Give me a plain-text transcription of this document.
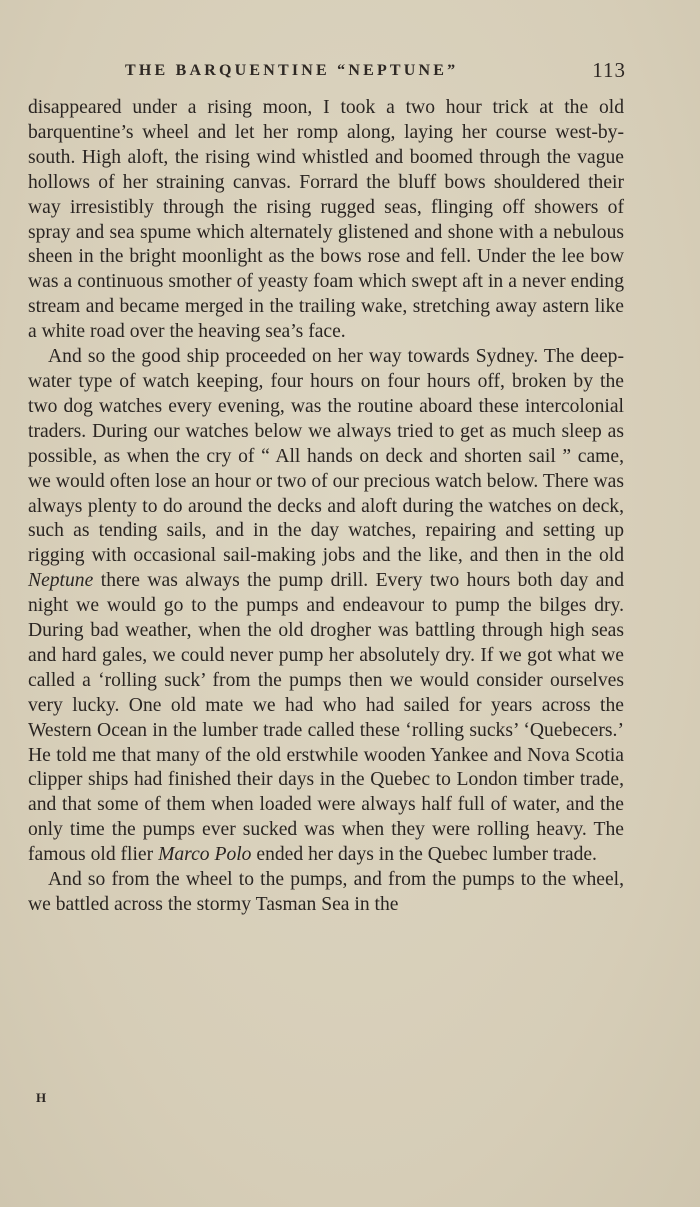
THE BARQUENTINE “NEPTUNE”	113

disappeared under a rising moon, I took a two hour trick at the old barquentine’s wheel and let her romp along, laying her course west-by-south. High aloft, the rising wind whistled and boomed through the vague hollows of her straining canvas. Forrard the bluff bows shouldered their way irresistibly through the rising rugged seas, flinging off showers of spray and sea spume which alternately glistened and shone with a nebulous sheen in the bright moonlight as the bows rose and fell. Under the lee bow was a continuous smother of yeasty foam which swept aft in a never ending stream and became merged in the trailing wake, stretching away astern like a white road over the heaving sea’s face.

And so the good ship proceeded on her way towards Sydney. The deep-water type of watch keeping, four hours on four hours off, broken by the two dog watches every evening, was the routine aboard these intercolonial traders. During our watches below we always tried to get as much sleep as possible, as when the cry of “ All hands on deck and shorten sail ” came, we would often lose an hour or two of our precious watch below. There was always plenty to do around the decks and aloft during the watches on deck, such as tending sails, and in the day watches, repairing and setting up rigging with occasional sail-making jobs and the like, and then in the old Neptune there was always the pump drill. Every two hours both day and night we would go to the pumps and endeavour to pump the bilges dry. During bad weather, when the old drogher was battling through high seas and hard gales, we could never pump her absolutely dry. If we got what we called a ‘rolling suck’ from the pumps then we would consider ourselves very lucky. One old mate we had who had sailed for years across the Western Ocean in the lumber trade called these ‘rolling sucks’ ‘Quebecers.’ He told me that many of the old erstwhile wooden Yankee and Nova Scotia clipper ships had finished their days in the Quebec to London timber trade, and that some of them when loaded were always half full of water, and the only time the pumps ever sucked was when they were rolling heavy. The famous old flier Marco Polo ended her days in the Quebec lumber trade.

And so from the wheel to the pumps, and from the pumps to the wheel, we battled across the stormy Tasman Sea in the

H
